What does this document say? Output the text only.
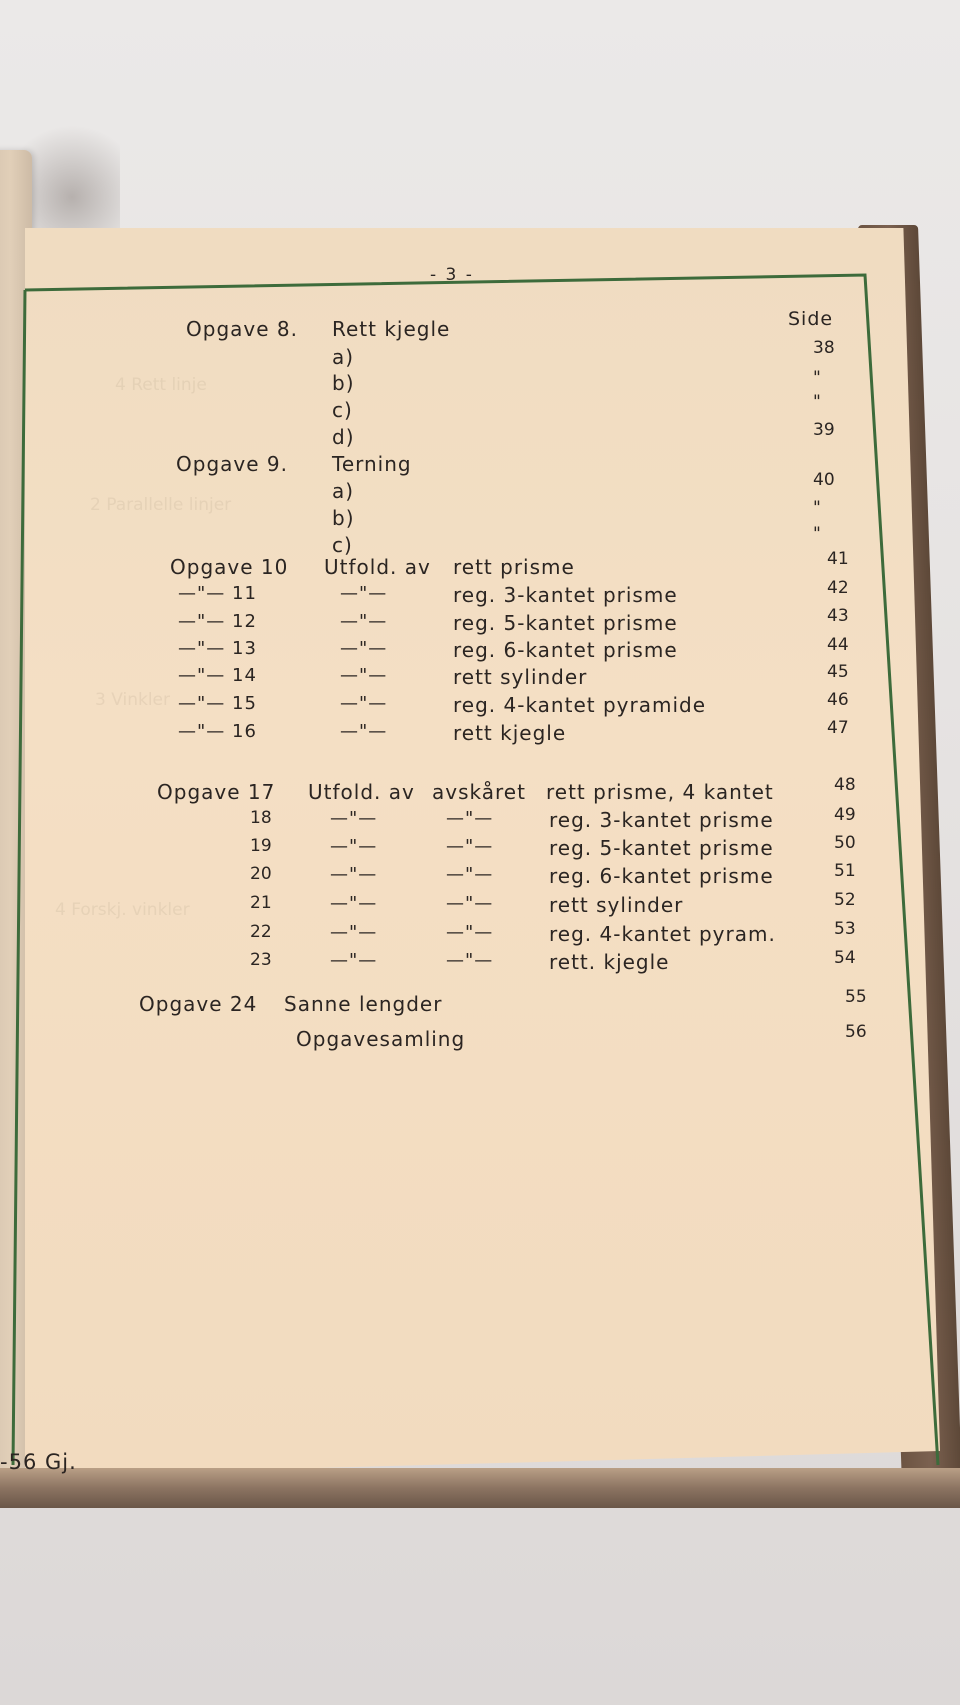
4 Rett linje
2 Parallelle linjer
3 Vinkler
4 Forskj. vinkler
- 3 -
Side
Opgave 8. Rett kjegle
a)	38
b)	"
c)	"
d)	39
Opgave 9. Terning
a)	40
b)	"
c)	"
Opgave 10 Utfold. av rett prisme	41
—"— 11	—"—	reg. 3-kantet prisme	42
—"— 12	—"—	reg. 5-kantet prisme	43
—"— 13	—"—	reg. 6-kantet prisme	44
—"— 14	—"—	rett sylinder	45
—"— 15	—"—	reg. 4-kantet pyramide	46
—"— 16	—"—	rett kjegle	47
Opgave 17 Utfold. av avskåret rett prisme, 4 kantet	48
18	—"—	—"—	reg. 3-kantet prisme	49
19	—"—	—"—	reg. 5-kantet prisme	50
20	—"—	—"—	reg. 6-kantet prisme	51
21	—"—	—"—	rett sylinder	52
22	—"—	—"—	reg. 4-kantet pyram.	53
23	—"—	—"—	rett. kjegle	54
Opgave 24 Sanne lengder	55
Opgavesamling	56
-56 Gj.
